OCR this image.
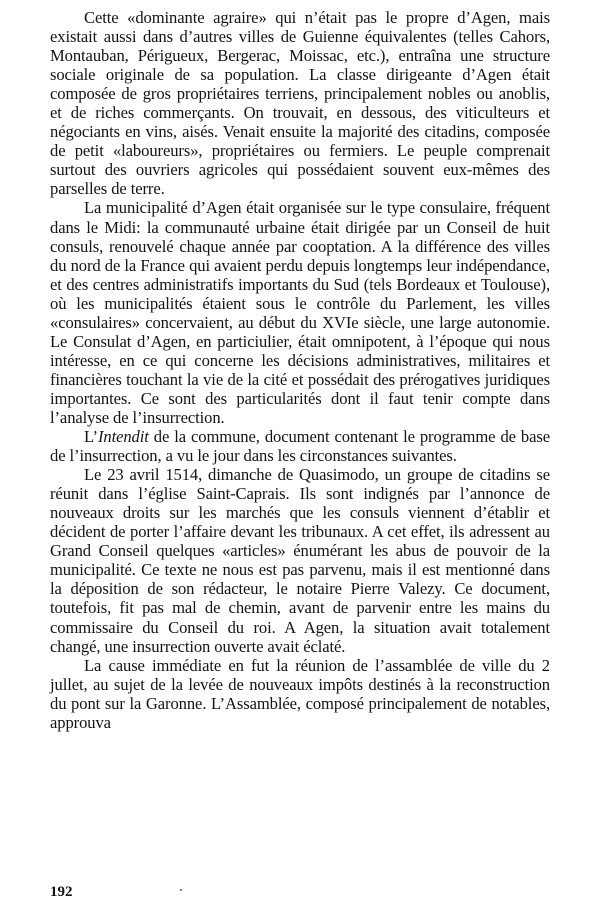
Cette «dominante agraire» qui n’était pas le propre d’Agen, mais existait aussi dans d’autres villes de Guienne équivalentes (telles Cahors, Montauban, Périgueux, Bergerac, Moissac, etc.), entraîna une structure sociale originale de sa population. La classe dirigeante d’Agen était composée de gros propriétaires terriens, principalement nobles ou anoblis, et de riches commerçants. On trouvait, en dessous, des viticulteurs et négociants en vins, aisés. Venait ensuite la majorité des citadins, composée de petit «laboureurs», propriétaires ou fermiers. Le peuple comprenait surtout des ouvriers agricoles qui possédaient souvent eux-mêmes des parselles de terre.

La municipalité d’Agen était organisée sur le type consulaire, fréquent dans le Midi: la communauté urbaine était dirigée par un Conseil de huit consuls, renouvelé chaque année par cooptation. A la différence des villes du nord de la France qui avaient perdu depuis longtemps leur indépendance, et des centres administratifs importants du Sud (tels Bordeaux et Toulouse), où les municipalités étaient sous le contrôle du Parlement, les villes «consulaires» concervaient, au début du XVIe siècle, une large autonomie. Le Consulat d’Agen, en particiulier, était omnipotent, à l’époque qui nous intéresse, en ce qui concerne les décisions administratives, militaires et financières touchant la vie de la cité et possédait des prérogatives juridiques importantes. Ce sont des particularités dont il faut tenir compte dans l’analyse de l’insurrection.

L’Intendit de la commune, document contenant le programme de base de l’insurrection, a vu le jour dans les circonstances suivantes.

Le 23 avril 1514, dimanche de Quasimodo, un groupe de citadins se réunit dans l’église Saint-Caprais. Ils sont indignés par l’annonce de nouveaux droits sur les marchés que les consuls viennent d’établir et décident de porter l’affaire devant les tribunaux. A cet effet, ils adressent au Grand Conseil quelques «articles» énumérant les abus de pouvoir de la municipalité. Ce texte ne nous est pas parvenu, mais il est mentionné dans la déposition de son rédacteur, le notaire Pierre Valezy. Ce document, toutefois, fit pas mal de chemin, avant de parvenir entre les mains du commissaire du Conseil du roi. A Agen, la situation avait totalement changé, une insurrection ouverte avait éclaté.

La cause immédiate en fut la réunion de l’assamblée de ville du 2 jullet, au sujet de la levée de nouveaux impôts destinés à la reconstruction du pont sur la Garonne. L’Assamblée, composé principalement de notables, approuva

192
